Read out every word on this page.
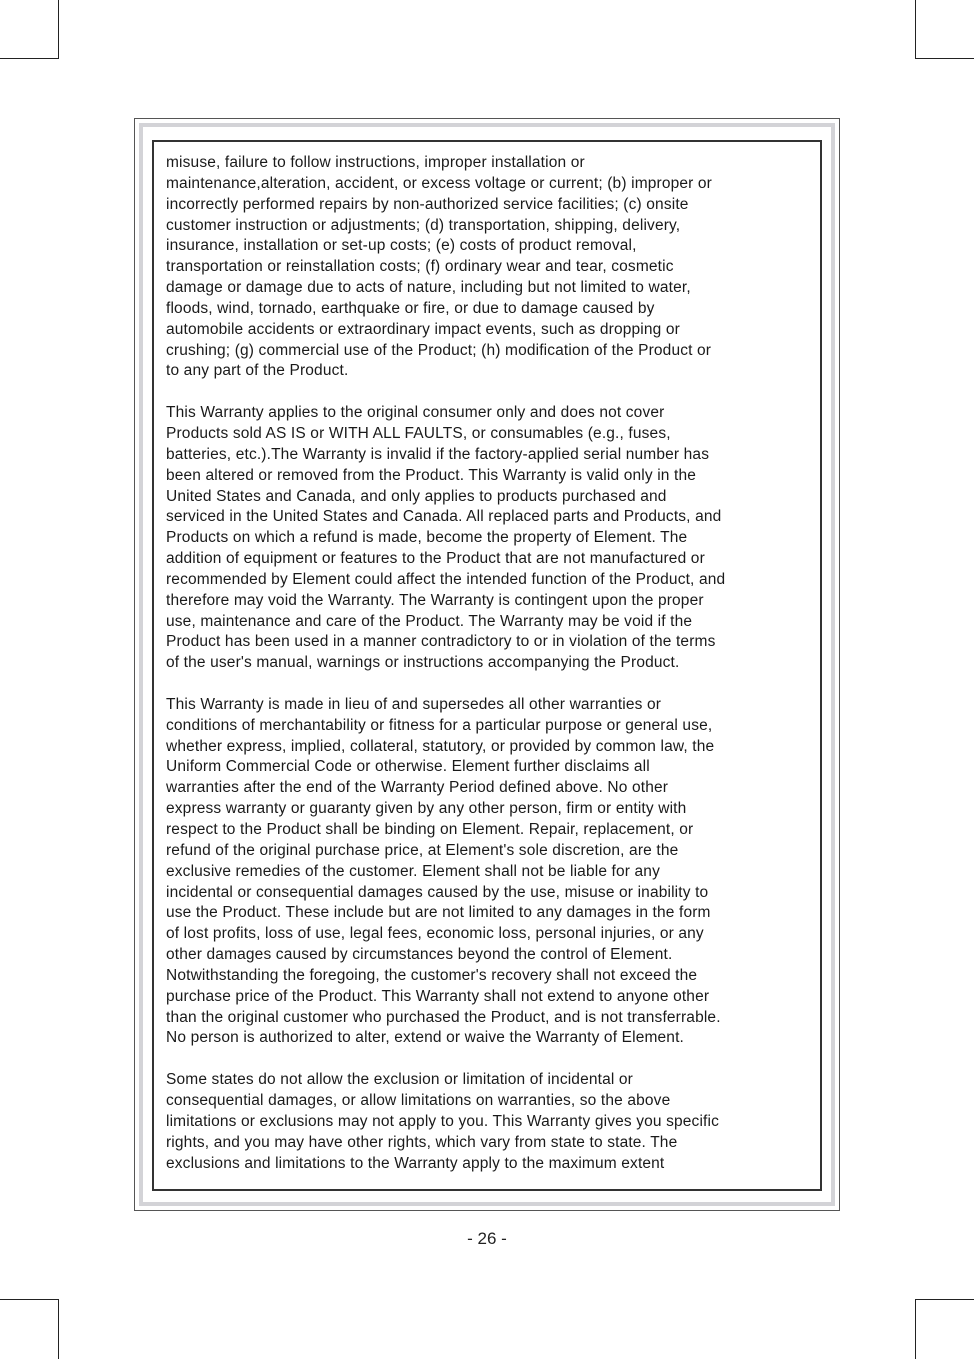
misuse, failure to follow instructions, improper installation or
maintenance,alteration, accident, or excess voltage or current; (b) improper or
incorrectly performed repairs by non-authorized service facilities; (c) onsite
customer instruction or adjustments; (d) transportation, shipping, delivery,
insurance, installation or set-up costs; (e) costs of product removal,
transportation or reinstallation costs; (f) ordinary wear and tear, cosmetic
damage or damage due to acts of nature, including but not limited to water,
floods, wind, tornado, earthquake or fire, or due to damage caused by
automobile accidents or extraordinary impact events, such as dropping or
crushing; (g) commercial use of the Product; (h) modification of the Product or
to any part of the Product.
This Warranty applies to the original consumer only and does not cover
Products sold AS IS or WITH ALL FAULTS, or consumables (e.g., fuses,
batteries, etc.).The Warranty is invalid if the factory-applied serial number has
been altered or removed from the Product. This Warranty is valid only in the
United States and Canada, and only applies to products purchased and
serviced in the United States and Canada. All replaced parts and Products, and
Products on which a refund is made, become the property of Element. The
addition of equipment or features to the Product that are not manufactured or
recommended by Element could affect the intended function of the Product, and
therefore may void the Warranty. The Warranty is contingent upon the proper
use, maintenance and care of the Product. The Warranty may be void if the
Product has been used in a manner contradictory to or in violation of the terms
of the user's manual, warnings or instructions accompanying the Product.
This Warranty is made in lieu of and supersedes all other warranties or
conditions of merchantability or fitness for a particular purpose or general use,
whether express, implied, collateral, statutory, or provided by common law, the
Uniform Commercial Code or otherwise. Element further disclaims all
warranties after the end of the Warranty Period defined above. No other
express warranty or guaranty given by any other person, firm or entity with
respect to the Product shall be binding on Element. Repair, replacement, or
refund of the original purchase price, at Element's sole discretion, are the
exclusive remedies of the customer. Element shall not be liable for any
incidental or consequential damages caused by the use, misuse or inability to
use the Product. These include but are not limited to any damages in the form
of lost profits, loss of use, legal fees, economic loss, personal injuries, or any
other damages caused by circumstances beyond the control of Element.
Notwithstanding the foregoing, the customer's recovery shall not exceed the
purchase price of the Product. This Warranty shall not extend to anyone other
than the original customer who purchased the Product, and is not transferrable.
No person is authorized to alter, extend or waive the Warranty of Element.
Some states do not allow the exclusion or limitation of incidental or
consequential damages, or allow limitations on warranties, so the above
limitations or exclusions may not apply to you. This Warranty gives you specific
rights, and you may have other rights, which vary from state to state. The
exclusions and limitations to the Warranty apply to the maximum extent
- 26 -
